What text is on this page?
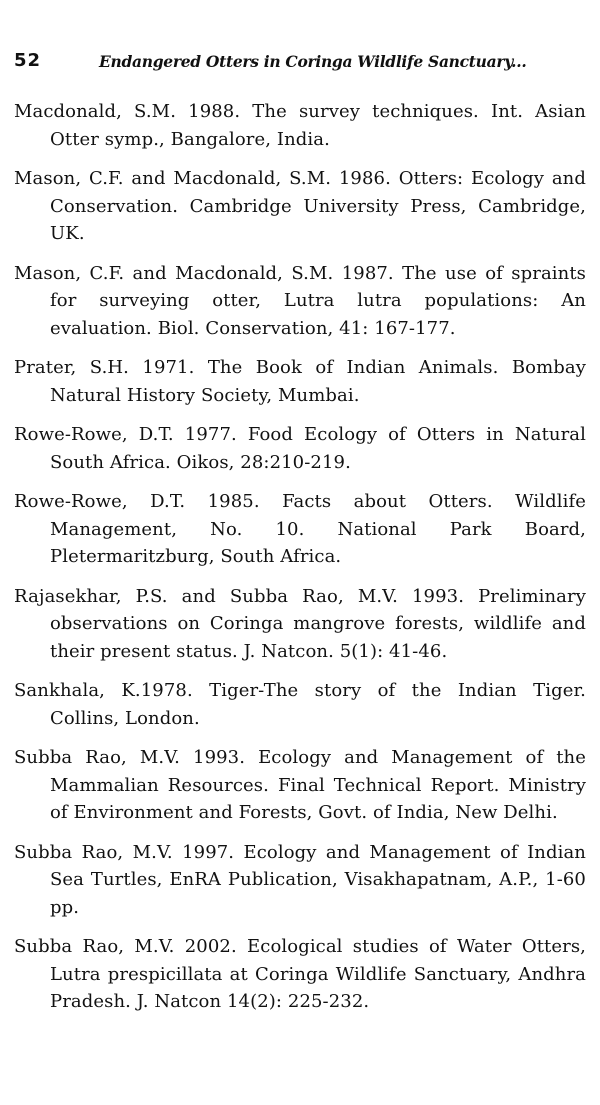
52	Endangered Otters in Coringa Wildlife Sanctuary...
Macdonald, S.M. 1988. The survey techniques. Int. Asian Otter symp., Bangalore, India.
Mason, C.F. and Macdonald, S.M. 1986. Otters: Ecology and Conservation. Cambridge University Press, Cambridge, UK.
Mason, C.F. and Macdonald, S.M. 1987. The use of spraints for surveying otter, Lutra lutra populations: An evaluation. Biol. Conservation, 41: 167-177.
Prater, S.H. 1971. The Book of Indian Animals. Bombay Natural History Society, Mumbai.
Rowe-Rowe, D.T. 1977. Food Ecology of Otters in Natural South Africa. Oikos, 28:210-219.
Rowe-Rowe, D.T. 1985. Facts about Otters. Wildlife Management, No. 10. National Park Board, Pletermaritzburg, South Africa.
Rajasekhar, P.S. and Subba Rao, M.V. 1993. Preliminary observations on Coringa mangrove forests, wildlife and their present status. J. Natcon. 5(1): 41-46.
Sankhala, K.1978. Tiger-The story of the Indian Tiger. Collins, London.
Subba Rao, M.V. 1993. Ecology and Management of the Mammalian Resources. Final Technical Report. Ministry of Environment and Forests, Govt. of India, New Delhi.
Subba Rao, M.V. 1997. Ecology and Management of Indian Sea Turtles, EnRA Publication, Visakhapatnam, A.P., 1-60 pp.
Subba Rao, M.V. 2002. Ecological studies of Water Otters, Lutra prespicillata at Coringa Wildlife Sanctuary, Andhra Pradesh. J. Natcon 14(2): 225-232.
